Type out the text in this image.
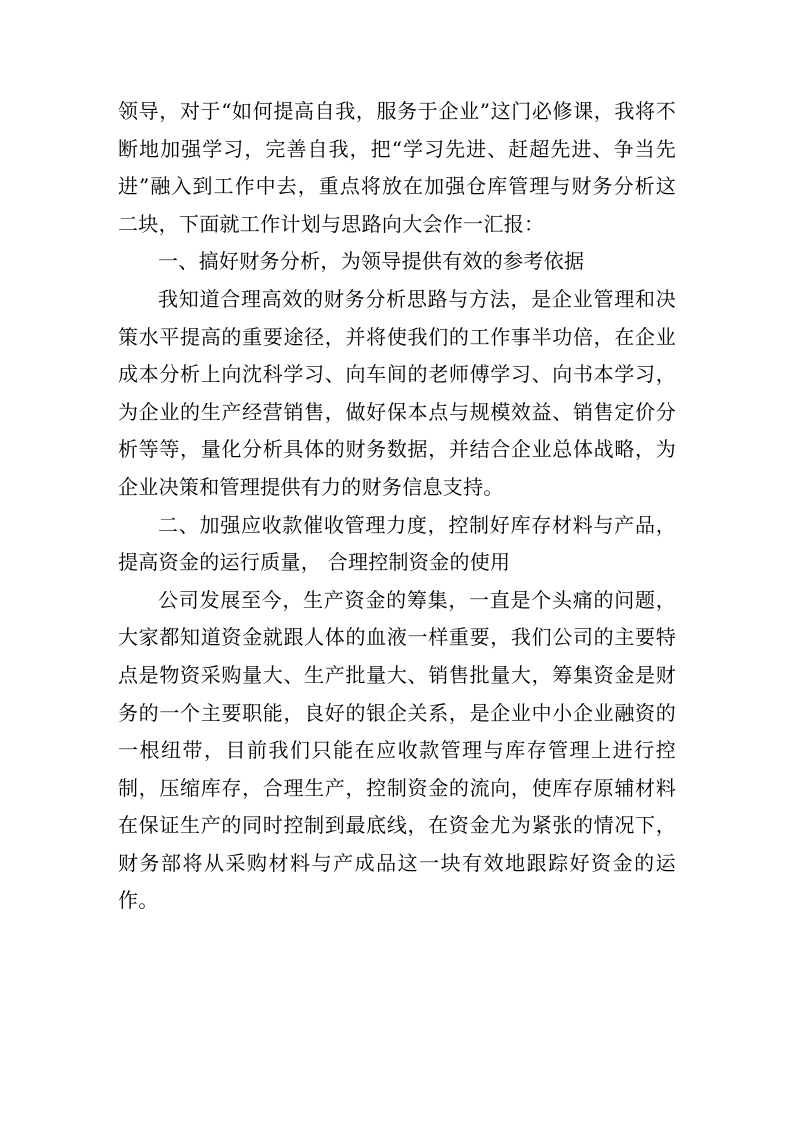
领导，对于“如何提高自我，服务于企业”这门必修课，我将不断地加强学习，完善自我，把“学习先进、赶超先进、争当先进”融入到工作中去，重点将放在加强仓库管理与财务分析这二块，下面就工作计划与思路向大会作一汇报：

一、搞好财务分析，为领导提供有效的参考依据

我知道合理高效的财务分析思路与方法，是企业管理和决策水平提高的重要途径，并将使我们的工作事半功倍，在企业成本分析上向沈科学习、向车间的老师傅学习、向书本学习，为企业的生产经营销售，做好保本点与规模效益、销售定价分析等等，量化分析具体的财务数据，并结合企业总体战略，为企业决策和管理提供有力的财务信息支持。

二、加强应收款催收管理力度，控制好库存材料与产品，提高资金的运行质量， 合理控制资金的使用

公司发展至今，生产资金的筹集，一直是个头痛的问题，大家都知道资金就跟人体的血液一样重要，我们公司的主要特点是物资采购量大、生产批量大、销售批量大，筹集资金是财务的一个主要职能，良好的银企关系，是企业中小企业融资的一根纽带，目前我们只能在应收款管理与库存管理上进行控制，压缩库存，合理生产，控制资金的流向，使库存原辅材料在保证生产的同时控制到最底线，在资金尤为紧张的情况下，财务部将从采购材料与产成品这一块有效地跟踪好资金的运作。
